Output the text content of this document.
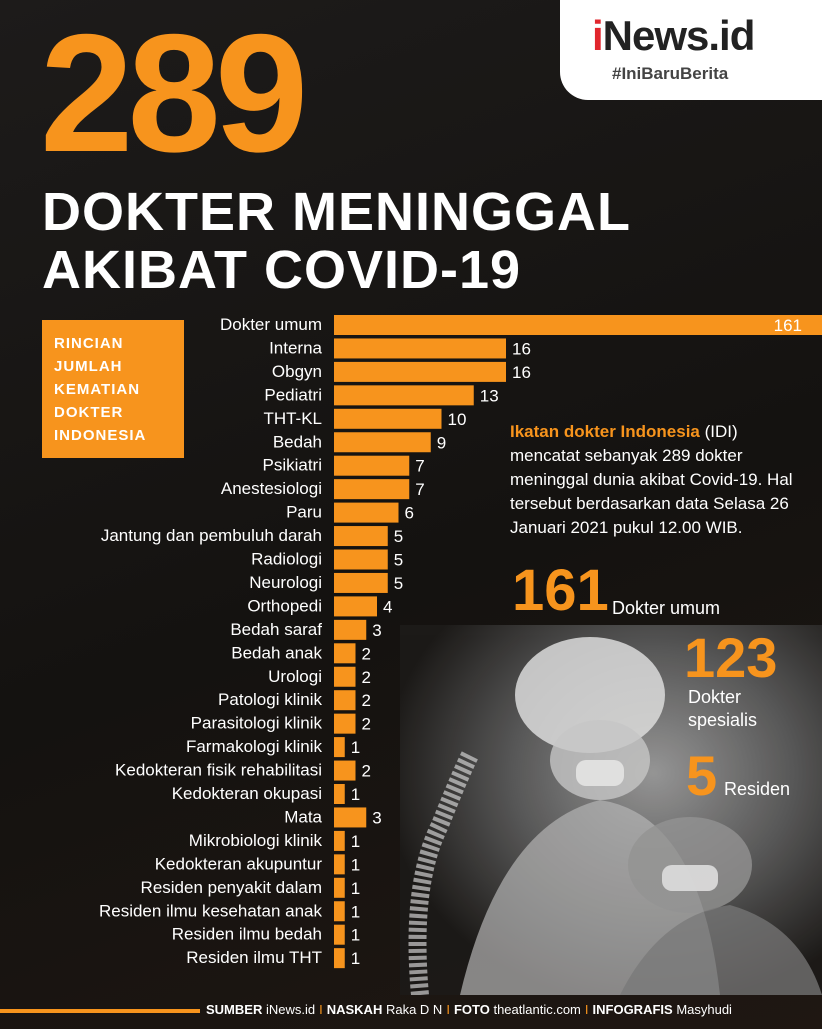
289
DOKTER MENINGGAL
AKIBAT COVID-19
iNews.id
#IniBaruBerita
RINCIAN
JUMLAH
KEMATIAN
DOKTER
INDONESIA
Dokter umum	161
Interna	16
Obgyn	16
Pediatri	13
THT-KL	10
Bedah	9
Psikiatri	7
Anestesiologi	7
Paru	6
Jantung dan pembuluh darah	5
Radiologi	5
Neurologi	5
Orthopedi	4
Bedah saraf	3
Bedah anak 2
Urologi 2
Patologi klinik 2
Parasitologi klinik 2
Farmakologi klinik 1
Kedokteran fisik rehabilitasi 2
Kedokteran okupasi 1
Mata	3
Mikrobiologi klinik 1
Kedokteran akupuntur 1
Residen penyakit dalam 1
Residen ilmu kesehatan anak 1
Residen ilmu bedah 1
Residen ilmu THT 1
Ikatan dokter Indonesia (IDI) mencatat sebanyak 289 dokter meninggal dunia akibat Covid-19. Hal tersebut berdasarkan data Selasa 26 Januari 2021 pukul 12.00 WIB.
161 Dokter umum
123
Dokter
spesialis
5 Residen
SUMBER iNews.id I NASKAH Raka D N I FOTO theatlantic.com I INFOGRAFIS Masyhudi
